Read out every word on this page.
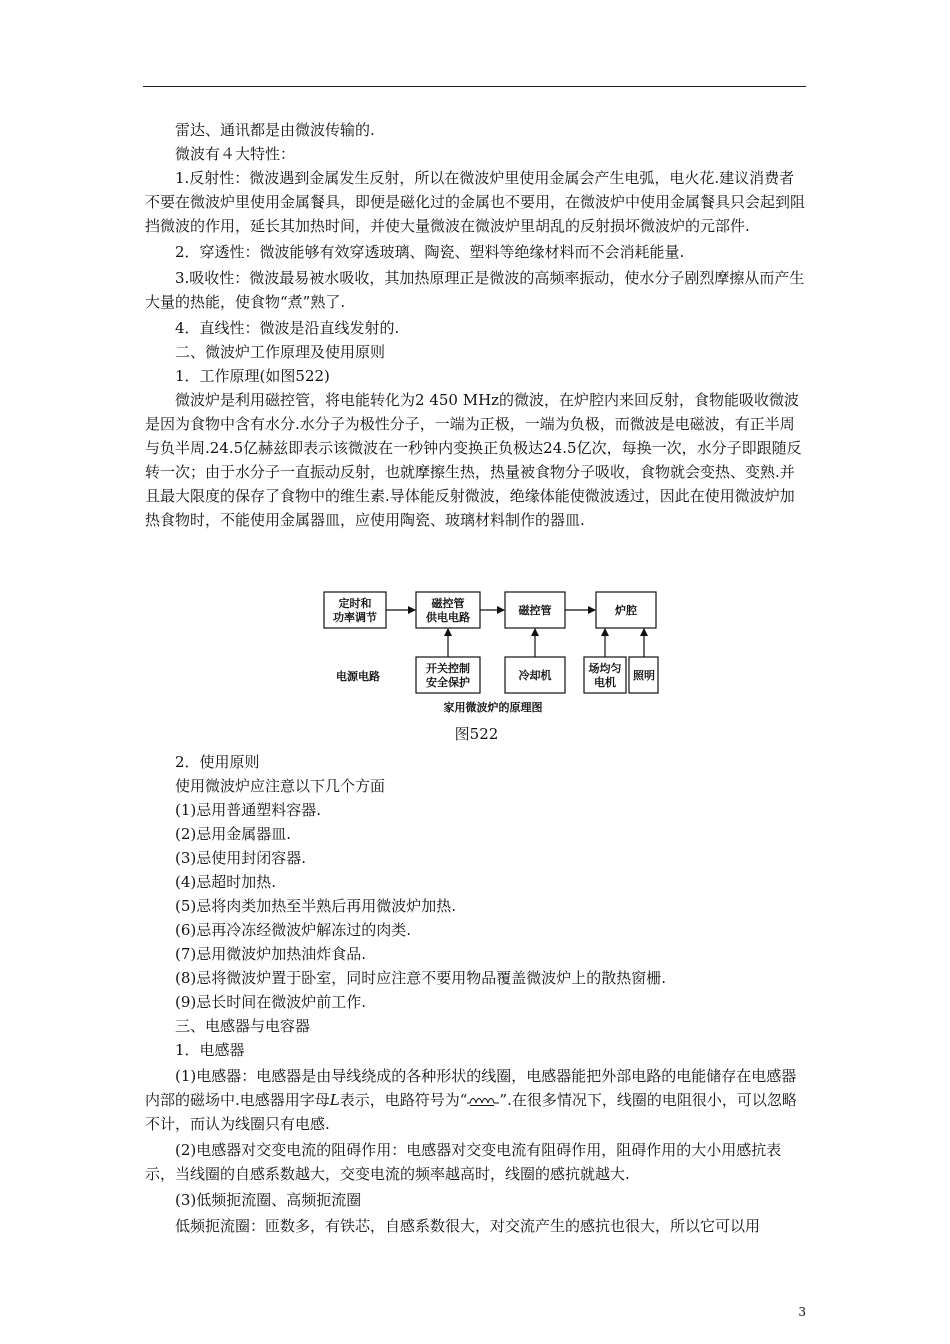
雷达、通讯都是由微波传输的.

微波有４大特性：

1.反射性：微波遇到金属发生反射，所以在微波炉里使用金属会产生电弧，电火花.建议消费者不要在微波炉里使用金属餐具，即便是磁化过的金属也不要用，在微波炉中使用金属餐具只会起到阻挡微波的作用，延长其加热时间，并使大量微波在微波炉里胡乱的反射损坏微波炉的元部件.

2．穿透性：微波能够有效穿透玻璃、陶瓷、塑料等绝缘材料而不会消耗能量.

3.吸收性：微波最易被水吸收，其加热原理正是微波的高频率振动，使水分子剧烈摩擦从而产生大量的热能，使食物“煮”熟了.

4．直线性：微波是沿直线发射的.

二、微波炉工作原理及使用原则

1．工作原理(如图522)

微波炉是利用磁控管，将电能转化为2 450 MHz的微波，在炉腔内来回反射，食物能吸收微波是因为食物中含有水分.水分子为极性分子，一端为正极，一端为负极，而微波是电磁波，有正半周与负半周.24.5亿赫兹即表示该微波在一秒钟内变换正负极达24.5亿次，每换一次，水分子即跟随反转一次；由于水分子一直振动反射，也就摩擦生热，热量被食物分子吸收，食物就会变热、变熟.并且最大限度的保存了食物中的维生素.导体能反射微波，绝缘体能使微波透过，因此在使用微波炉加热食物时，不能使用金属器皿，应使用陶瓷、玻璃材料制作的器皿.

定时和
功率调节
磁控管
供电电路
磁控管	炉腔
开关控制
安全保护
冷却机
场均匀
电机
照明
电源电路
家用微波炉的原理图
图522

2．使用原则

使用微波炉应注意以下几个方面

(1)忌用普通塑料容器.

(2)忌用金属器皿.

(3)忌使用封闭容器.

(4)忌超时加热.

(5)忌将肉类加热至半熟后再用微波炉加热.

(6)忌再冷冻经微波炉解冻过的肉类.

(7)忌用微波炉加热油炸食品.

(8)忌将微波炉置于卧室，同时应注意不要用物品覆盖微波炉上的散热窗栅.

(9)忌长时间在微波炉前工作.

三、电感器与电容器

1．电感器

(1)电感器：电感器是由导线绕成的各种形状的线圈，电感器能把外部电路的电能储存在电感器内部的磁场中.电感器用字母L表示，电路符号为“ ”.在很多情况下，线圈的电阻很小，可以忽略不计，而认为线圈只有电感.

(2)电感器对交变电流的阻碍作用：电感器对交变电流有阻碍作用，阻碍作用的大小用感抗表示，当线圈的自感系数越大，交变电流的频率越高时，线圈的感抗就越大.

(3)低频扼流圈、高频扼流圈

低频扼流圈：匝数多，有铁芯，自感系数很大，对交流产生的感抗也很大，所以它可以用

3
